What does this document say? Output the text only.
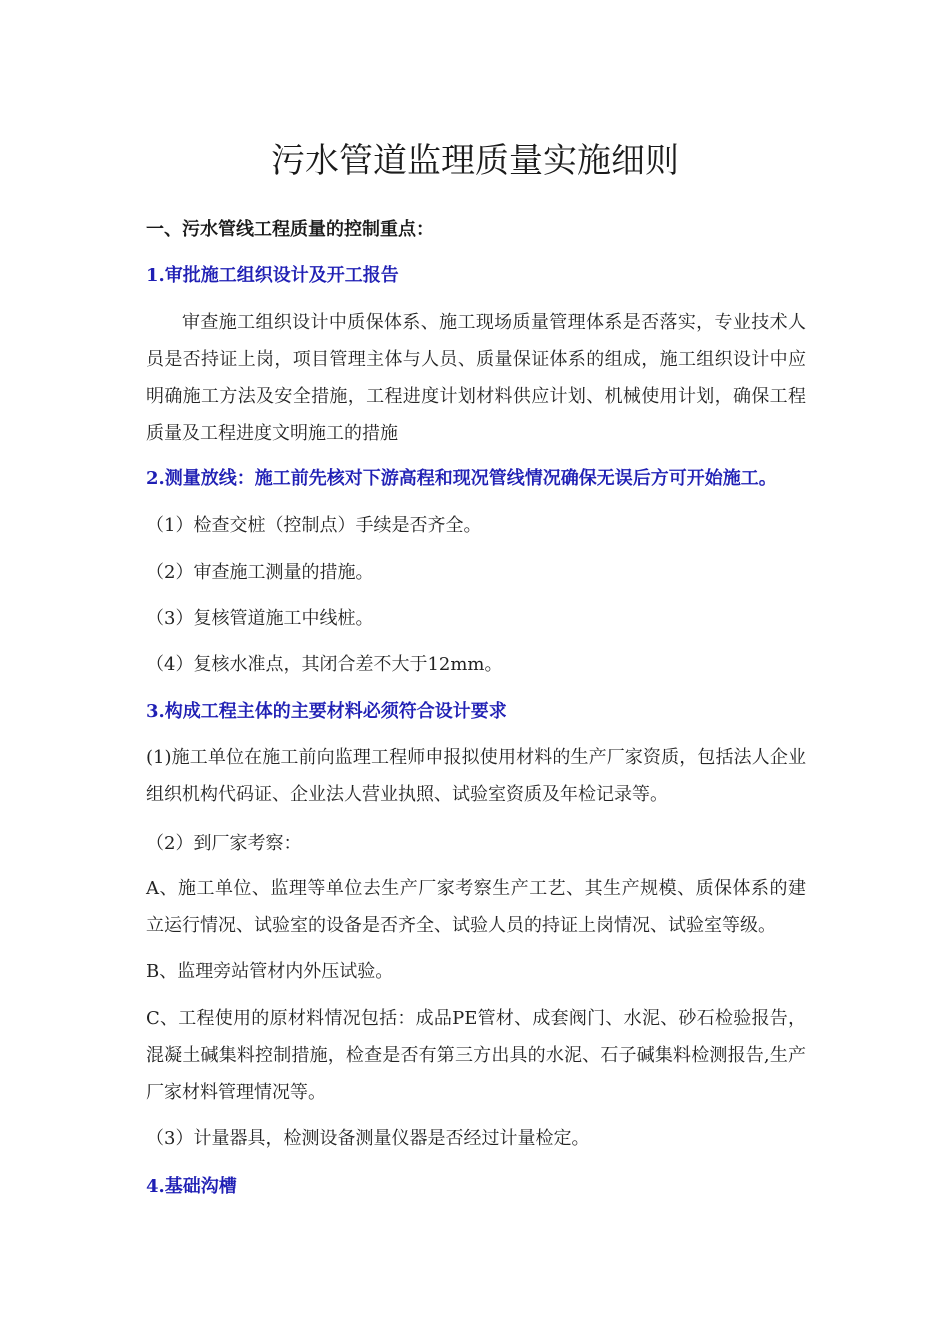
污水管道监理质量实施细则
一、污水管线工程质量的控制重点：
1.审批施工组织设计及开工报告

审查施工组织设计中质保体系、施工现场质量管理体系是否落实，专业技术人员是否持证上岗，项目管理主体与人员、质量保证体系的组成，施工组织设计中应明确施工方法及安全措施，工程进度计划材料供应计划、机械使用计划，确保工程质量及工程进度文明施工的措施

2.测量放线：施工前先核对下游高程和现况管线情况确保无误后方可开始施工。
（1）检查交桩（控制点）手续是否齐全。
（2）审查施工测量的措施。
（3）复核管道施工中线桩。
（4）复核水准点，其闭合差不大于12mm。
3.构成工程主体的主要材料必须符合设计要求

(1)施工单位在施工前向监理工程师申报拟使用材料的生产厂家资质，包括法人企业组织机构代码证、企业法人营业执照、试验室资质及年检记录等。

（2）到厂家考察：

A、施工单位、监理等单位去生产厂家考察生产工艺、其生产规模、质保体系的建立运行情况、试验室的设备是否齐全、试验人员的持证上岗情况、试验室等级。

B、监理旁站管材内外压试验。

C、工程使用的原材料情况包括：成品PE管材、成套阀门、水泥、砂石检验报告，混凝土碱集料控制措施，检查是否有第三方出具的水泥、石子碱集料检测报告,生产厂家材料管理情况等。

（3）计量器具，检测设备测量仪器是否经过计量检定。
4.基础沟槽
